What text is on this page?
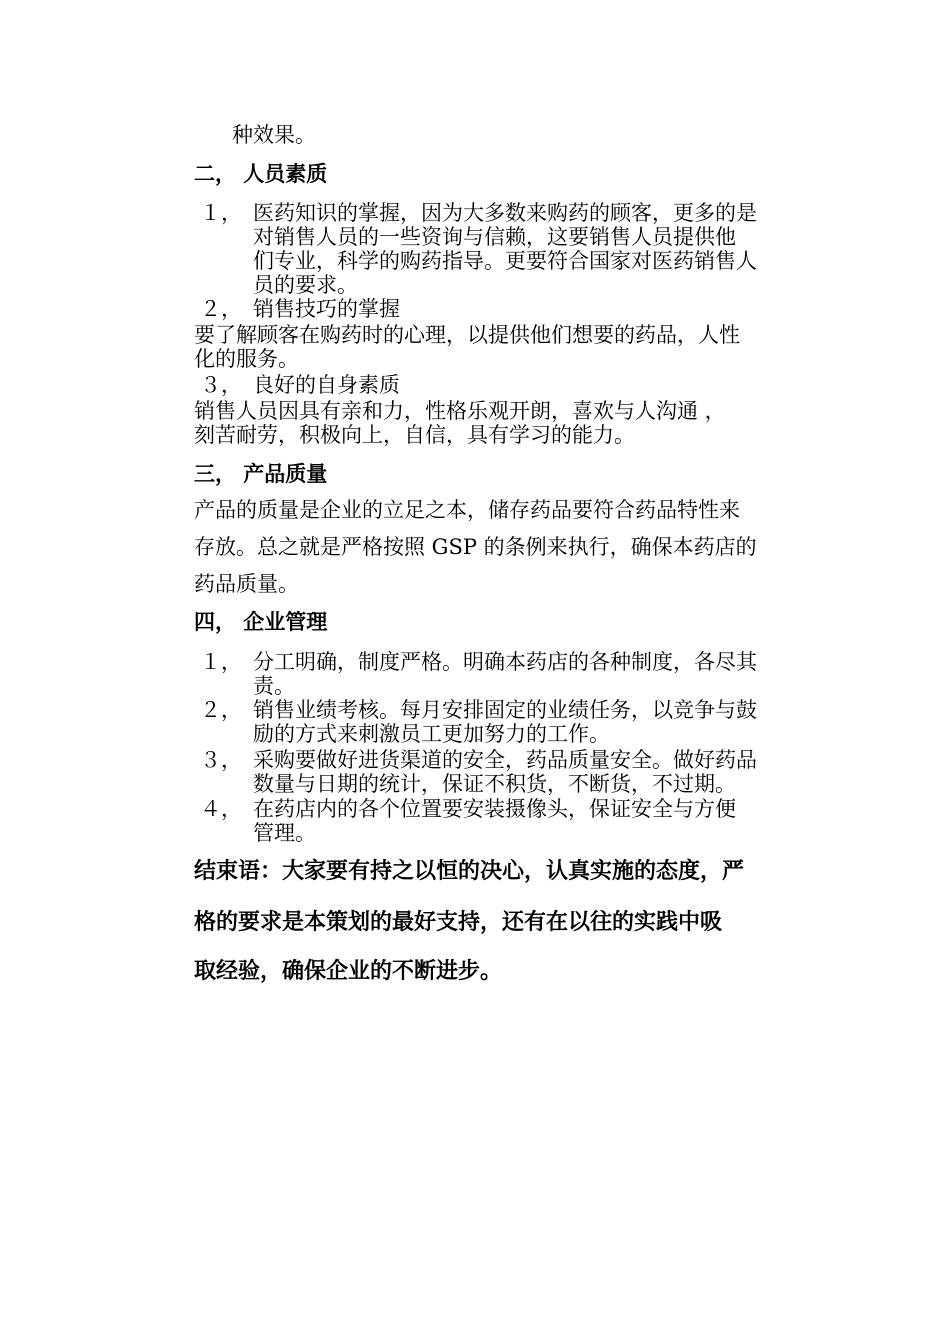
种效果。
二， 人员素质
１， 医药知识的掌握，因为大多数来购药的顾客，更多的是
对销售人员的一些资询与信赖，这要销售人员提供他
们专业，科学的购药指导。更要符合国家对医药销售人
员的要求。
２， 销售技巧的掌握
要了解顾客在购药时的心理，以提供他们想要的药品，人性
化的服务。
３， 良好的自身素质
销售人员因具有亲和力，性格乐观开朗，喜欢与人沟通 ，
刻苦耐劳，积极向上，自信，具有学习的能力。
三， 产品质量
产品的质量是企业的立足之本，储存药品要符合药品特性来
存放。总之就是严格按照 GSP 的条例来执行，确保本药店的
药品质量。
四， 企业管理
１， 分工明确，制度严格。明确本药店的各种制度，各尽其
责。
２， 销售业绩考核。每月安排固定的业绩任务，以竞争与鼓
励的方式来刺激员工更加努力的工作。
３， 采购要做好进货渠道的安全，药品质量安全。做好药品
数量与日期的统计，保证不积货，不断货，不过期。
４， 在药店内的各个位置要安装摄像头，保证安全与方便
管理。
结束语：大家要有持之以恒的决心，认真实施的态度，严
格的要求是本策划的最好支持，还有在以往的实践中吸
取经验，确保企业的不断进步。
